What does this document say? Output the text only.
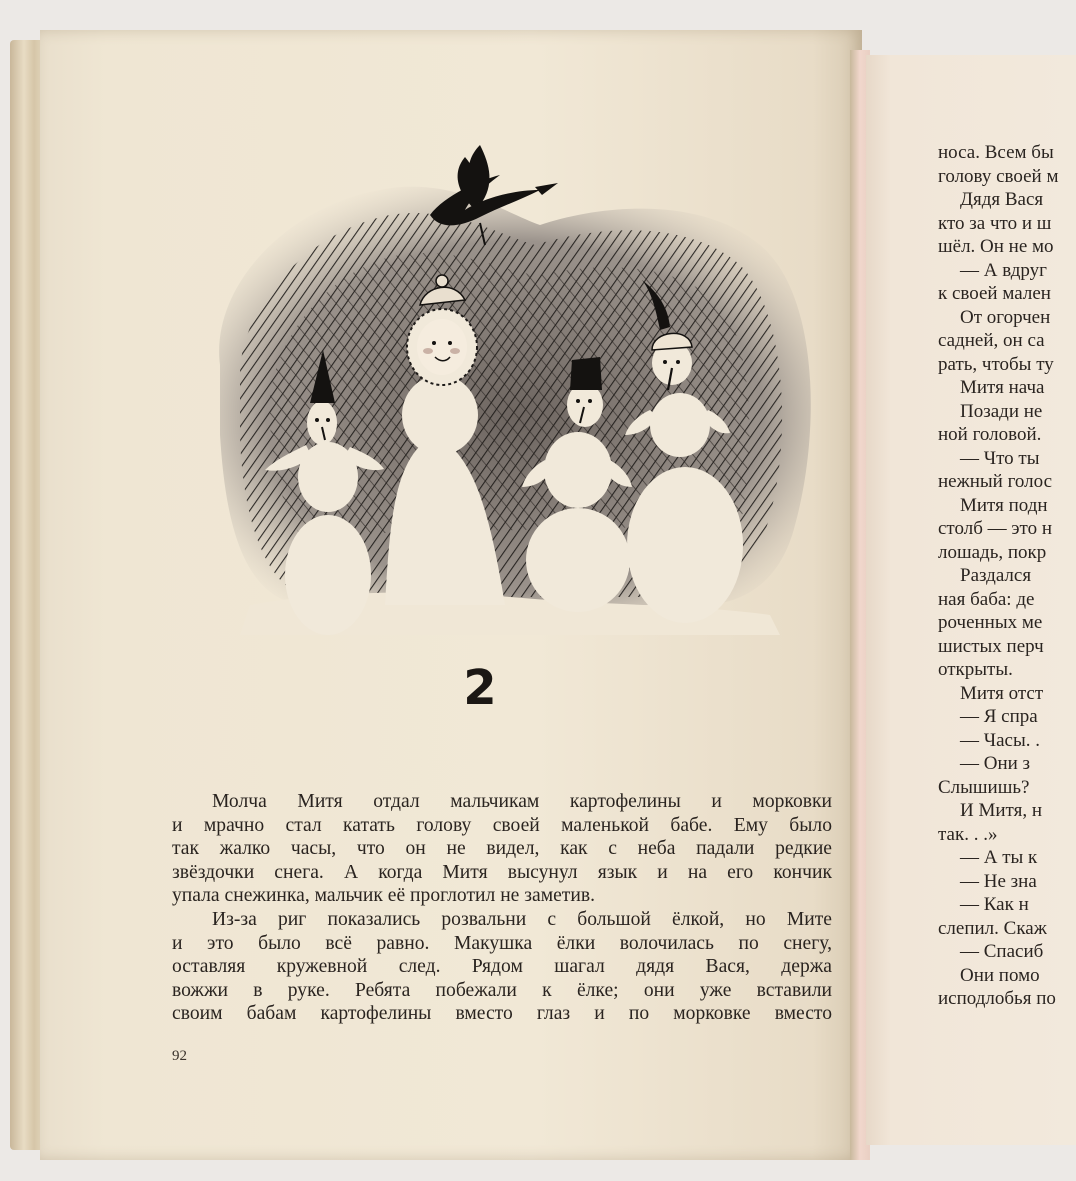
носа. Всем бы
голову своей м
Дядя Вася
кто за что и ш
шёл. Он не мо
— А вдруг
к своей мален
От огорчен
садней, он са
рать, чтобы ту
Митя нача
Позади не
ной головой.
— Что ты
нежный голос
Митя подн
столб — это н
лошадь, покр
Раздался
ная баба: де
роченных ме
шистых перч
открыты.
Митя отст
— Я спра
— Часы. .
— Они з
Слышишь?
И Митя, н
так. . .»
— А ты к
— Не зна
— Как н
слепил. Скаж
— Спасиб
Они помо
исподлобья по
2
Молча Митя отдал мальчикам картофелины и морковки
и мрачно стал катать голову своей маленькой бабе. Ему было
так жалко часы, что он не видел, как с неба падали редкие
звёздочки снега. А когда Митя высунул язык и на его кончик
упала снежинка, мальчик её проглотил не заметив.
Из-за риг показались розвальни с большой ёлкой, но Мите
и это было всё равно. Макушка ёлки волочилась по снегу,
оставляя кружевной след. Рядом шагал дядя Вася, держа
вожжи в руке. Ребята побежали к ёлке; они уже вставили
своим бабам картофелины вместо глаз и по морковке вместо
92
